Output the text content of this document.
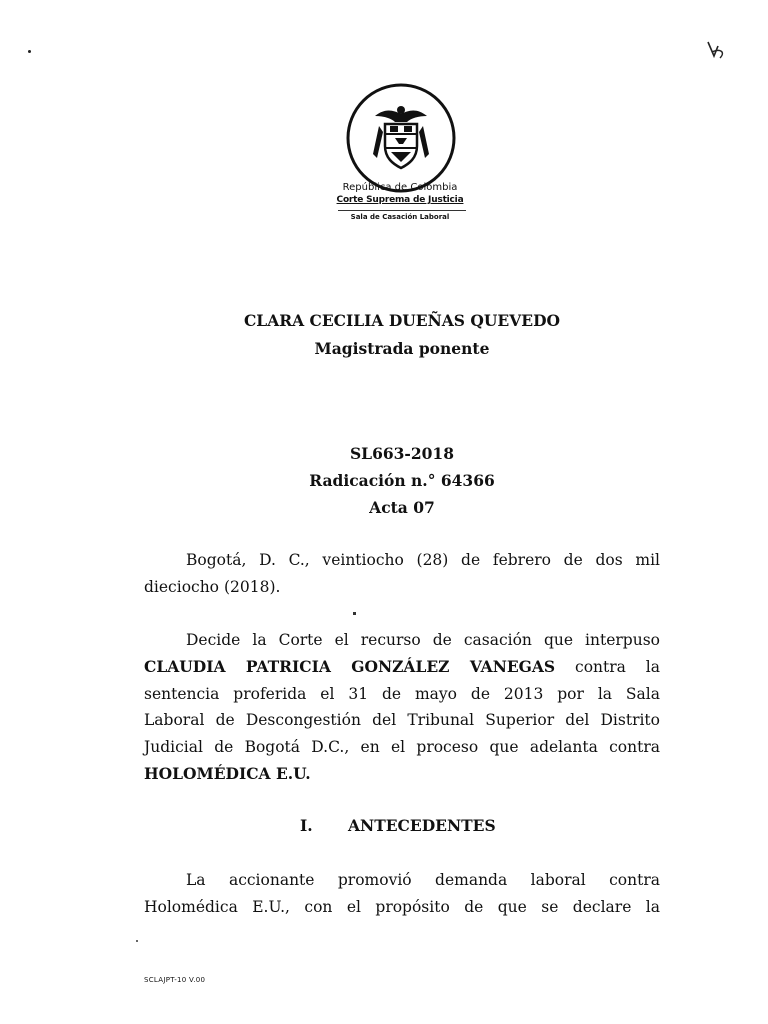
República de Colombia
Corte Suprema de Justicia
Sala de Casación Laboral
CLARA CECILIA DUEÑAS QUEVEDO
Magistrada ponente
SL663-2018
Radicación n.° 64366
Acta 07
Bogotá, D. C., veintiocho (28) de febrero de dos mil
dieciocho (2018).
Decide la Corte el recurso de casación que interpuso
CLAUDIA PATRICIA GONZÁLEZ VANEGAS contra la
sentencia proferida el 31 de mayo de 2013 por la Sala
Laboral de Descongestión del Tribunal Superior del Distrito
Judicial de Bogotá D.C., en el proceso que adelanta contra
HOLOMÉDICA E.U.
I. ANTECEDENTES
La accionante promovió demanda laboral contra
Holomédica E.U., con el propósito de que se declare la
SCLAJPT-10 V.00
